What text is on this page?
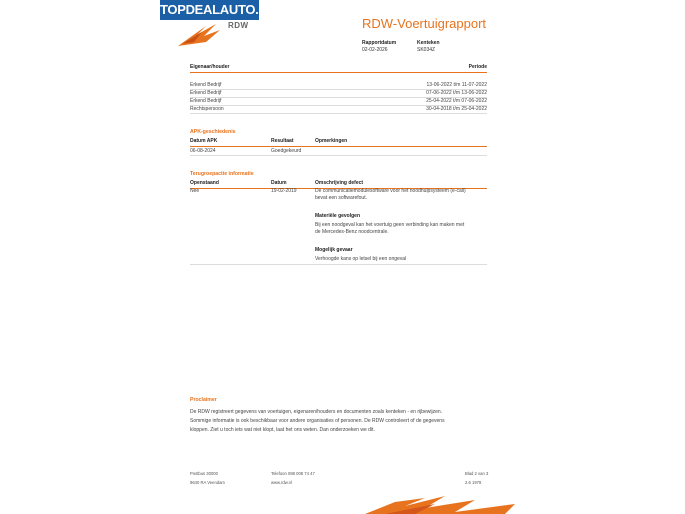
TOPDEALAUTO.NL
RDW	RDW-Voertuigrapport
Rapportdatum
02-02-2026
Kenteken
SK034Z
Eigenaar/houder	Periode
Erkend Bedrijf	13-06-2022 t/m 11-07-2022
Erkend Bedrijf	07-06-2022 t/m 13-06-2022
Erkend Bedrijf	25-04-2022 t/m 07-06-2022
Rechtspersoon	30-04-2018 t/m 25-04-2022
APK-geschiedenis
Datum APK	Resultaat	Opmerkingen
06-08-2024	Goedgekeurd
Terugroepactie informatie
Openstaand	Datum	Omschrijving defect
Nee	19-02-2019	De communicatiemodulesoftware voor het noodhulpsysteem (e-call)
bevat een softwarefout.
Materiële gevolgen
Bij een noodgeval kan het voertuig geen verbinding kan maken met
de Mercedes-Benz noodcentrale.
Mogelijk gevaar
Verhoogde kans op letsel bij een ongeval
Proclaimer
De RDW registreert gegevens van voertuigen, eigenaren/houders en documenten zoals kenteken - en rijbewijzen.
Sommige informatie is ook beschikbaar voor andere organisaties of personen. De RDW controleert of de gegevens
kloppen. Ziet u toch iets wat niet klopt, laat het ons weten. Dan onderzoeken we dit.
Postbus 30000
9640 RA Veendam
Telefoon 088 008 74 47
www.rdw.nl
Blad 2 van 3
2.6 1978
